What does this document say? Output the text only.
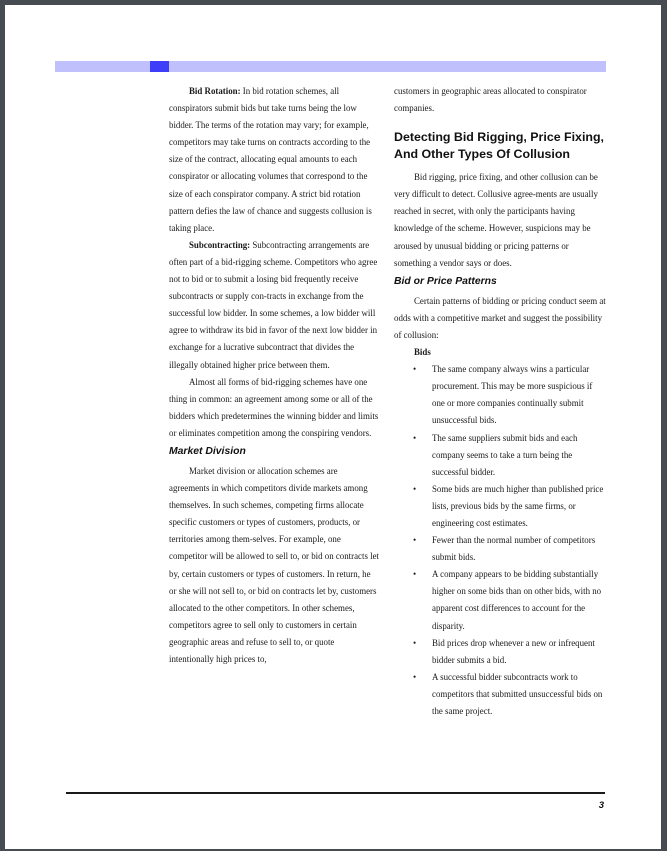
Bid Rotation: In bid rotation schemes, all conspirators submit bids but take turns being the low bidder. The terms of the rotation may vary; for example, competitors may take turns on contracts according to the size of the contract, allocating equal amounts to each conspirator or allocating volumes that correspond to the size of each conspirator company. A strict bid rotation pattern defies the law of chance and suggests collusion is taking place.

Subcontracting: Subcontracting arrangements are often part of a bid-rigging scheme. Competitors who agree not to bid or to submit a losing bid frequently receive subcontracts or supply con-tracts in exchange from the successful low bidder. In some schemes, a low bidder will agree to withdraw its bid in favor of the next low bidder in exchange for a lucrative subcontract that divides the illegally obtained higher price between them.

Almost all forms of bid-rigging schemes have one thing in common: an agreement among some or all of the bidders which predetermines the winning bidder and limits or eliminates competition among the conspiring vendors.

Market Division

Market division or allocation schemes are agreements in which competitors divide markets among themselves. In such schemes, competing firms allocate specific customers or types of customers, products, or territories among them-selves. For example, one competitor will be allowed to sell to, or bid on contracts let by, certain customers or types of customers. In return, he or she will not sell to, or bid on contracts let by, customers allocated to the other competitors. In other schemes, competitors agree to sell only to customers in certain geographic areas and refuse to sell to, or quote intentionally high prices to,

customers in geographic areas allocated to conspirator companies.

Detecting Bid Rigging, Price Fixing, And Other Types Of Collusion

Bid rigging, price fixing, and other collusion can be very difficult to detect. Collusive agree-ments are usually reached in secret, with only the participants having knowledge of the scheme. However, suspicions may be aroused by unusual bidding or pricing patterns or something a vendor says or does.

Bid or Price Patterns

Certain patterns of bidding or pricing conduct seem at odds with a competitive market and suggest the possibility of collusion:

Bids
• The same company always wins a particular procurement. This may be more suspicious if one or more companies continually submit unsuccessful bids.
• The same suppliers submit bids and each company seems to take a turn being the successful bidder.
• Some bids are much higher than published price lists, previous bids by the same firms, or engineering cost estimates.
• Fewer than the normal number of competitors submit bids.
• A company appears to be bidding substantially higher on some bids than on other bids, with no apparent cost differences to account for the disparity.
• Bid prices drop whenever a new or infrequent bidder submits a bid.
• A successful bidder subcontracts work to competitors that submitted unsuccessful bids on the same project.
3
